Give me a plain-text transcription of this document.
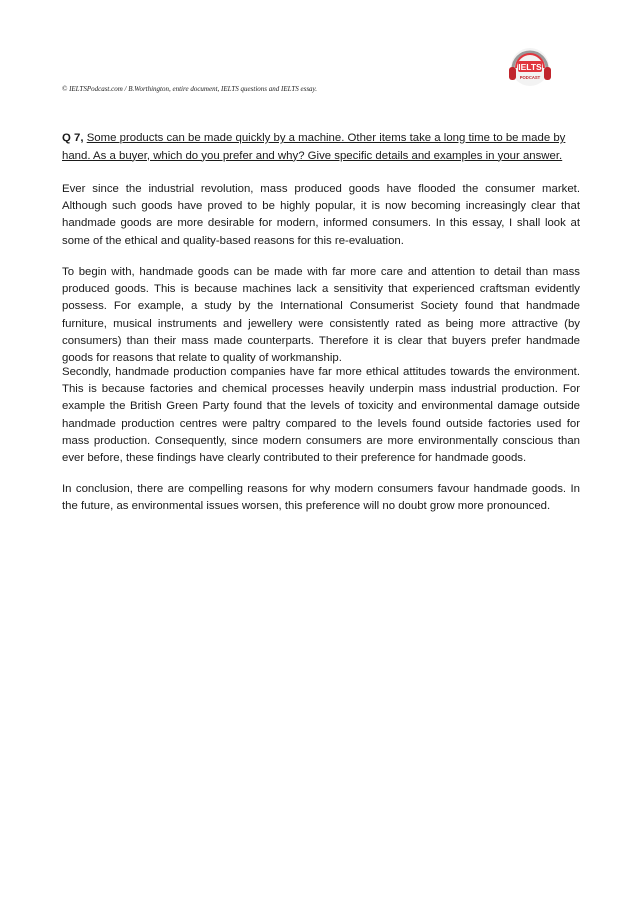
IELTS
PODCAST
© IELTSPodcast.com / B.Worthington, entire document, IELTS questions and IELTS essay.
Q 7, Some products can be made quickly by a machine. Other items take a long time to be made by hand. As a buyer, which do you prefer and why? Give specific details and examples in your answer.

Ever since the industrial revolution, mass produced goods have flooded the consumer market. Although such goods have proved to be highly popular, it is now becoming increasingly clear that handmade goods are more desirable for modern, informed consumers. In this essay, I shall look at some of the ethical and quality-based reasons for this re-evaluation.

To begin with, handmade goods can be made with far more care and attention to detail than mass produced goods. This is because machines lack a sensitivity that experienced craftsman evidently possess. For example, a study by the International Consumerist Society found that handmade furniture, musical instruments and jewellery were consistently rated as being more attractive (by consumers) than their mass made counterparts. Therefore it is clear that buyers prefer handmade goods for reasons that relate to quality of workmanship.

Secondly, handmade production companies have far more ethical attitudes towards the environment. This is because factories and chemical processes heavily underpin mass industrial production. For example the British Green Party found that the levels of toxicity and environmental damage outside handmade production centres were paltry compared to the levels found outside factories used for mass production. Consequently, since modern consumers are more environmentally conscious than ever before, these findings have clearly contributed to their preference for handmade goods.

In conclusion, there are compelling reasons for why modern consumers favour handmade goods. In the future, as environmental issues worsen, this preference will no doubt grow more pronounced.
